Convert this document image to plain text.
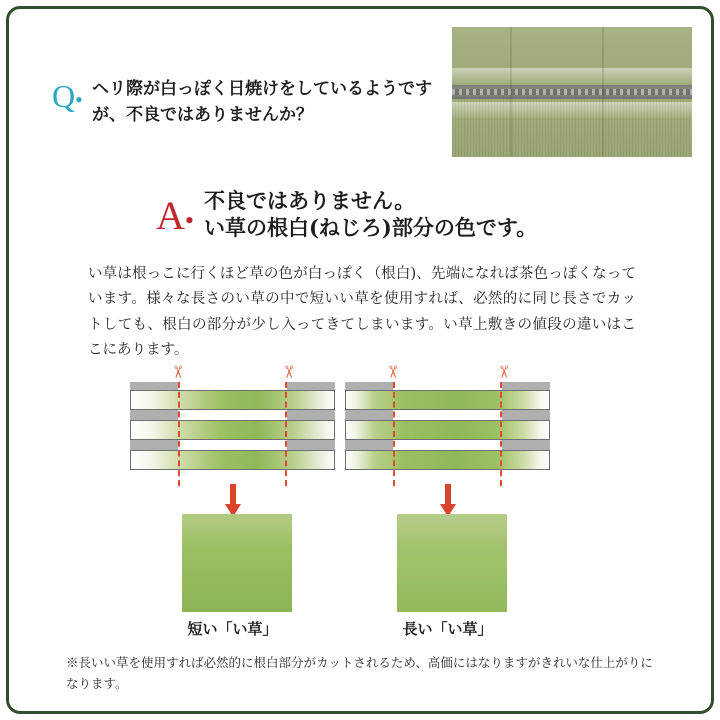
Q• ヘリ際が白っぽく日焼けをしているようですが、不良ではありませんか？
A•
不良ではありません。
い草の根白(ねじろ)部分の色です。
い草は根っこに行くほど草の色が白っぽく（根白)、先端になれば茶色っぽくなっています。様々な長さのい草の中で短いい草を使用すれば、必然的に同じ長さでカットしても、根白の部分が少し入ってきてしまいます。い草上敷きの値段の違いはここにあります。
✂	✂
短い「い草」
✂	✂
長い「い草」
※長いい草を使用すれば必然的に根白部分がカットされるため、高価にはなりますがきれいな仕上がりになります。
